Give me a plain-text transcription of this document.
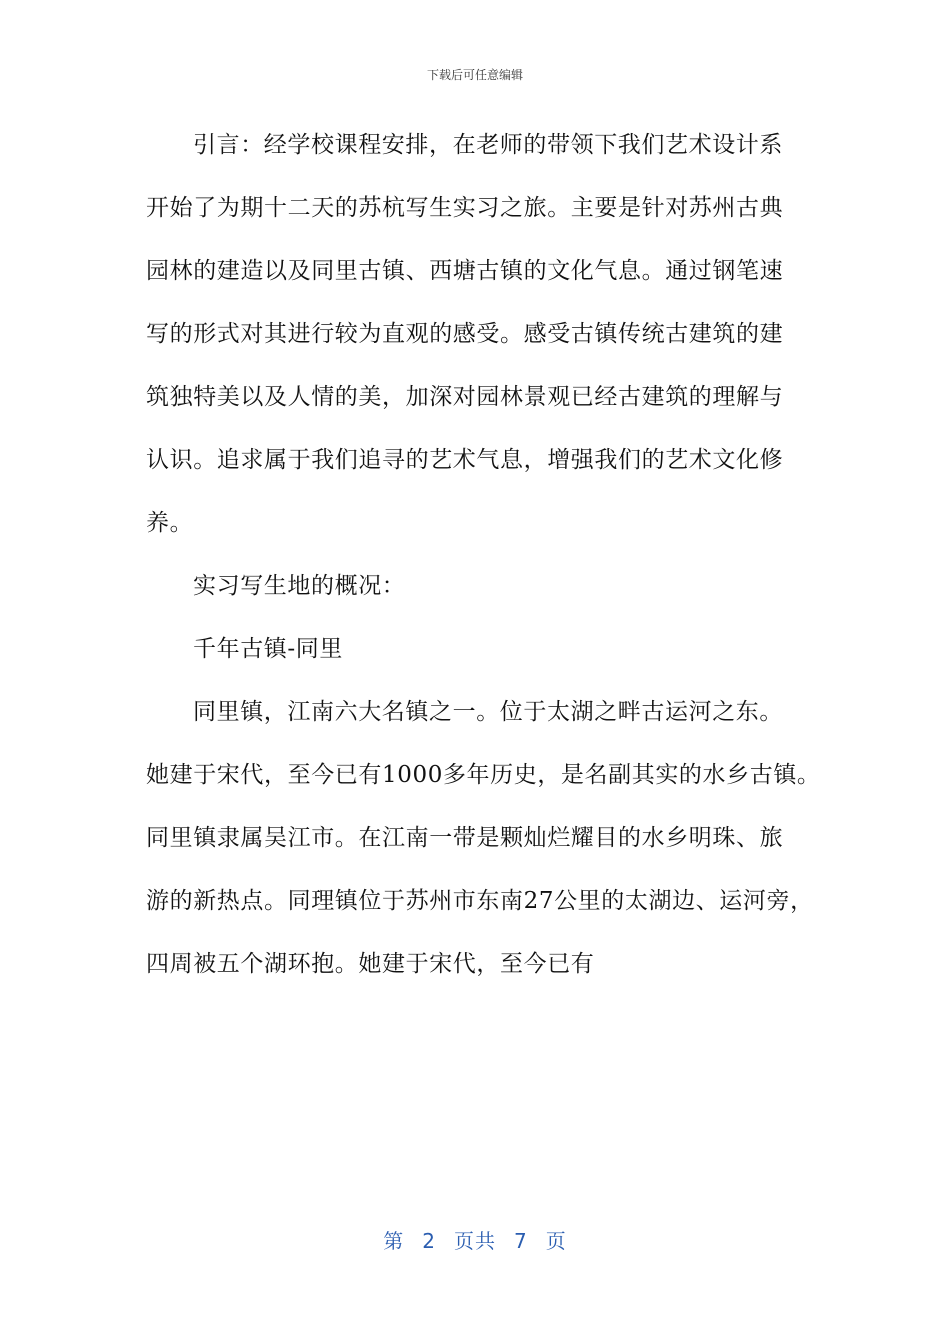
下载后可任意编辑
引言：经学校课程安排，在老师的带领下我们艺术设计系
开始了为期十二天的苏杭写生实习之旅。主要是针对苏州古典
园林的建造以及同里古镇、西塘古镇的文化气息。通过钢笔速
写的形式对其进行较为直观的感受。感受古镇传统古建筑的建
筑独特美以及人情的美，加深对园林景观已经古建筑的理解与
认识。追求属于我们追寻的艺术气息，增强我们的艺术文化修
养。
实习写生地的概况：
千年古镇-同里
同里镇，江南六大名镇之一。位于太湖之畔古运河之东。
她建于宋代，至今已有1000多年历史，是名副其实的水乡古镇。
同里镇隶属吴江市。在江南一带是颗灿烂耀目的水乡明珠、旅
游的新热点。同理镇位于苏州市东南27公里的太湖边、运河旁，
四周被五个湖环抱。她建于宋代，至今已有
第 2 页共 7 页
